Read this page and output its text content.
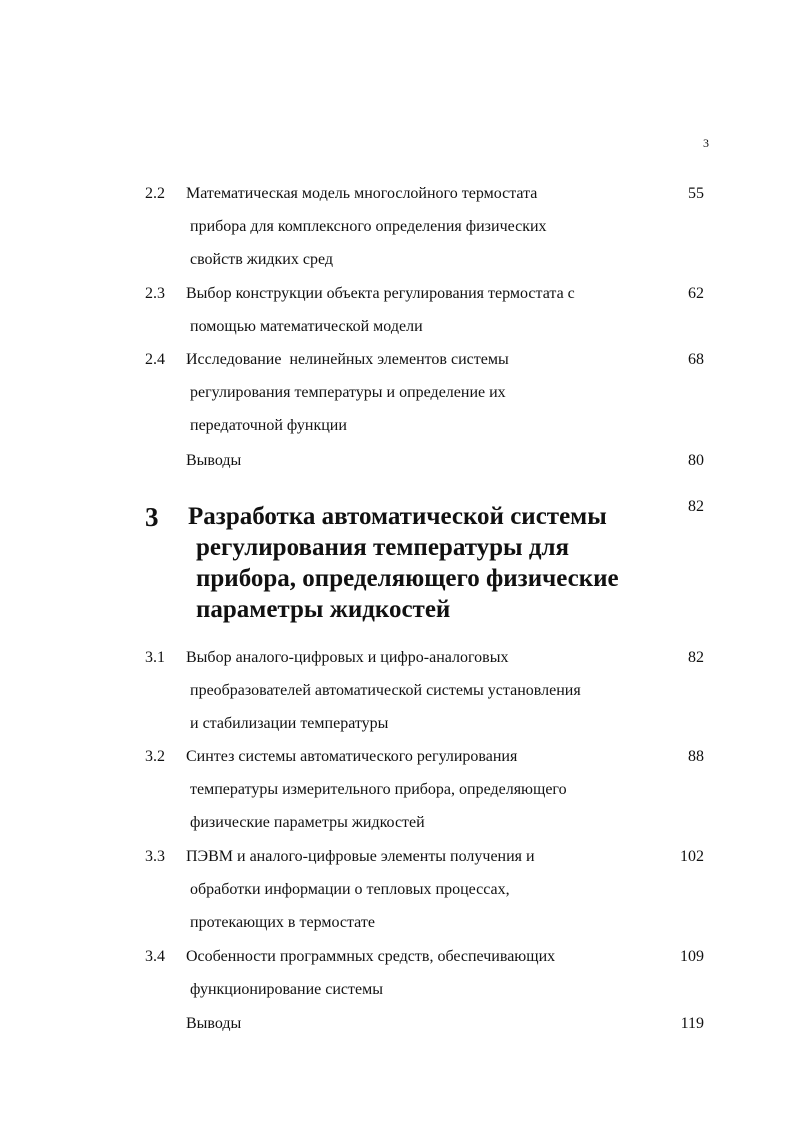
3
2.2 Математическая модель многослойного термостата
прибора для комплексного определения физических
свойств жидких сред
55
2.3 Выбор конструкции объекта регулирования термостата с
помощью математической модели
62
2.4 Исследование  нелинейных элементов системы
регулирования температуры и определение их
передаточной функции
68
Выводы	80
3 Разработка автоматической системы
регулирования температуры для
прибора, определяющего физические
параметры жидкостей
82
3.1 Выбор аналого-цифровых и цифро-аналоговых
преобразователей автоматической системы установления
и стабилизации температуры
82
3.2 Синтез системы автоматического регулирования
температуры измерительного прибора, определяющего
физические параметры жидкостей
88
3.3 ПЭВМ и аналого-цифровые элементы получения и
обработки информации о тепловых процессах,
протекающих в термостате
102
3.4 Особенности программных средств, обеспечивающих
функционирование системы
109
Выводы	119
